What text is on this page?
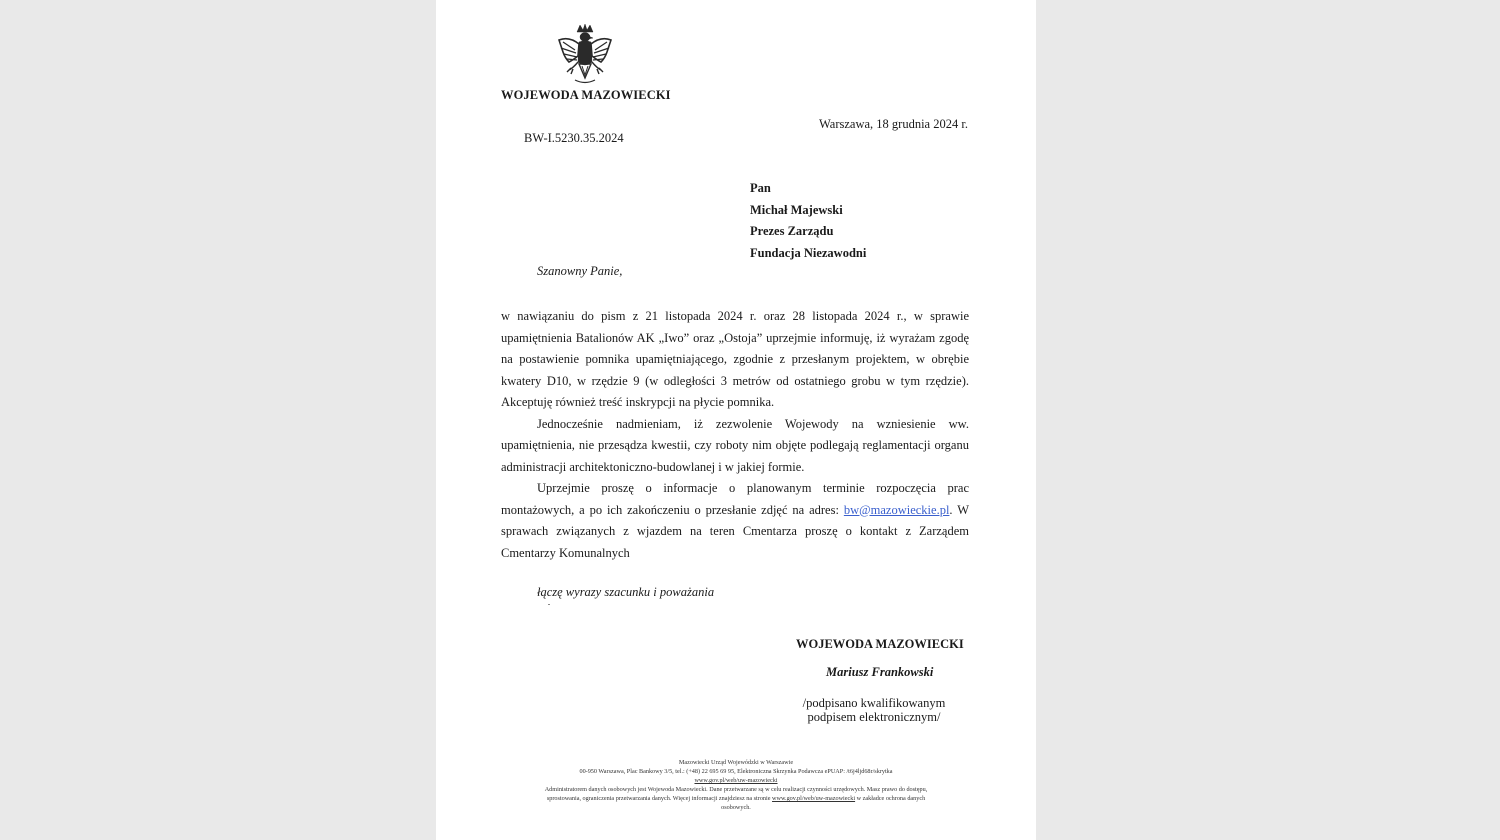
WOJEWODA MAZOWIECKI
Warszawa, 18 grudnia 2024 r.
BW-I.5230.35.2024
Pan
Michał Majewski
Prezes Zarządu
Fundacja Niezawodni
Szanowny Panie,

w nawiązaniu do pism z 21 listopada 2024 r. oraz 28 listopada 2024 r., w sprawie upamiętnienia Batalionów AK „Iwo” oraz „Ostoja” uprzejmie informuję, iż wyrażam zgodę na postawienie pomnika upamiętniającego, zgodnie z przesłanym projektem, w obrębie kwatery D10, w rzędzie 9 (w odległości 3 metrów od ostatniego grobu w tym rzędzie). Akceptuję również treść inskrypcji na płycie pomnika.

Jednocześnie nadmieniam, iż zezwolenie Wojewody na wzniesienie ww. upamiętnienia, nie przesądza kwestii, czy roboty nim objęte podlegają reglamentacji organu administracji architektoniczno-budowlanej i w jakiej formie.

Uprzejmie proszę o informacje o planowanym terminie rozpoczęcia prac montażowych, a po ich zakończeniu o przesłanie zdjęć na adres: bw@mazowieckie.pl. W sprawach związanych z wjazdem na teren Cmentarza proszę o kontakt z Zarządem Cmentarzy Komunalnych

łączę wyrazy szacunku i poważania
WOJEWODA MAZOWIECKI
Mariusz Frankowski
/podpisano kwalifikowanym
podpisem elektronicznym/
Mazowiecki Urząd Wojewódzki w Warszawie
00-950 Warszawa, Plac Bankowy 3/5, tel.: (+48) 22 695 69 95, Elektroniczna Skrzynka Podawcza ePUAP: /t6j4ljd68r/skrytka
www.gov.pl/web/uw-mazowiecki
Administratorem danych osobowych jest Wojewoda Mazowiecki. Dane przetwarzane są w celu realizacji czynności urzędowych. Masz prawo do dostępu,
sprostowania, ograniczenia przetwarzania danych. Więcej informacji znajdziesz na stronie www.gov.pl/web/uw-mazowiecki w zakładce ochrona danych
osobowych.
